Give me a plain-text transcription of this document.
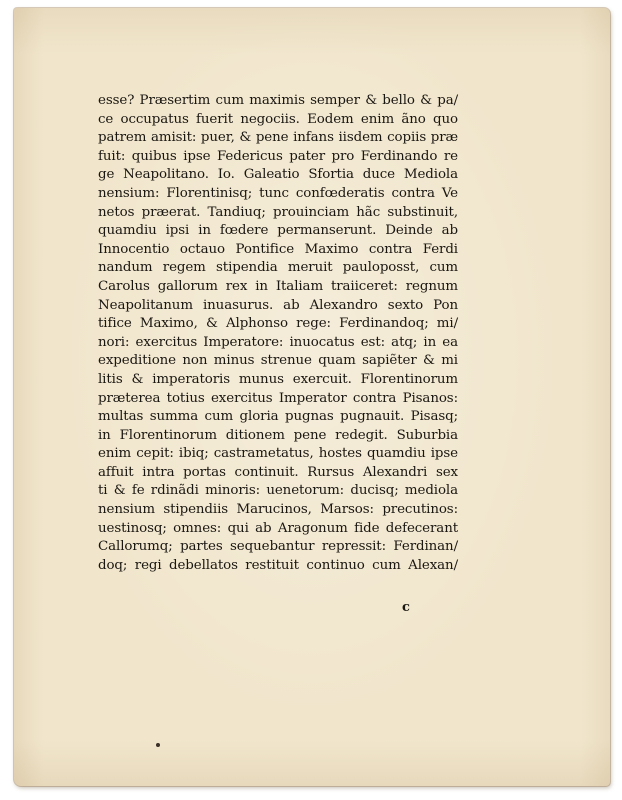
esse? Præsertim cum maximis semper & bello & pa/
ce occupatus fuerit negociis. Eodem enim ãno quo
patrem amisit: puer, & pene infans iisdem copiis præ
fuit: quibus ipse Federicus pater pro Ferdinando re
ge Neapolitano. Io. Galeatio Sfortia duce Mediola
nensium: Florentinisq; tunc confœderatis contra Ve
netos præerat. Tandiuq; prouinciam hãc substinuit,
quamdiu ipsi in fœdere permanserunt. Deinde ab
Innocentio octauo Pontifice Maximo contra Ferdi
nandum regem stipendia meruit pauloposst, cum
Carolus gallorum rex in Italiam traiiceret: regnum
Neapolitanum inuasurus. ab Alexandro sexto Pon
tifice Maximo, & Alphonso rege: Ferdinandoq; mi/
nori: exercitus Imperatore: inuocatus est: atq; in ea
expeditione non minus strenue quam sapiẽter & mi
litis & imperatoris munus exercuit. Florentinorum
præterea totius exercitus Imperator contra Pisanos:
multas summa cum gloria pugnas pugnauit. Pisasq;
in Florentinorum ditionem pene redegit. Suburbia
enim cepit: ibiq; castrametatus, hostes quamdiu ipse
affuit intra portas continuit. Rursus Alexandri sex
ti & fe rdinãdi minoris: uenetorum: ducisq; mediola
nensium stipendiis Marucinos, Marsos: precutinos:
uestinosq; omnes: qui ab Aragonum fide defecerant
Callorumq; partes sequebantur repressit: Ferdinan/
doq; regi debellatos restituit continuo cum Alexan/
c
